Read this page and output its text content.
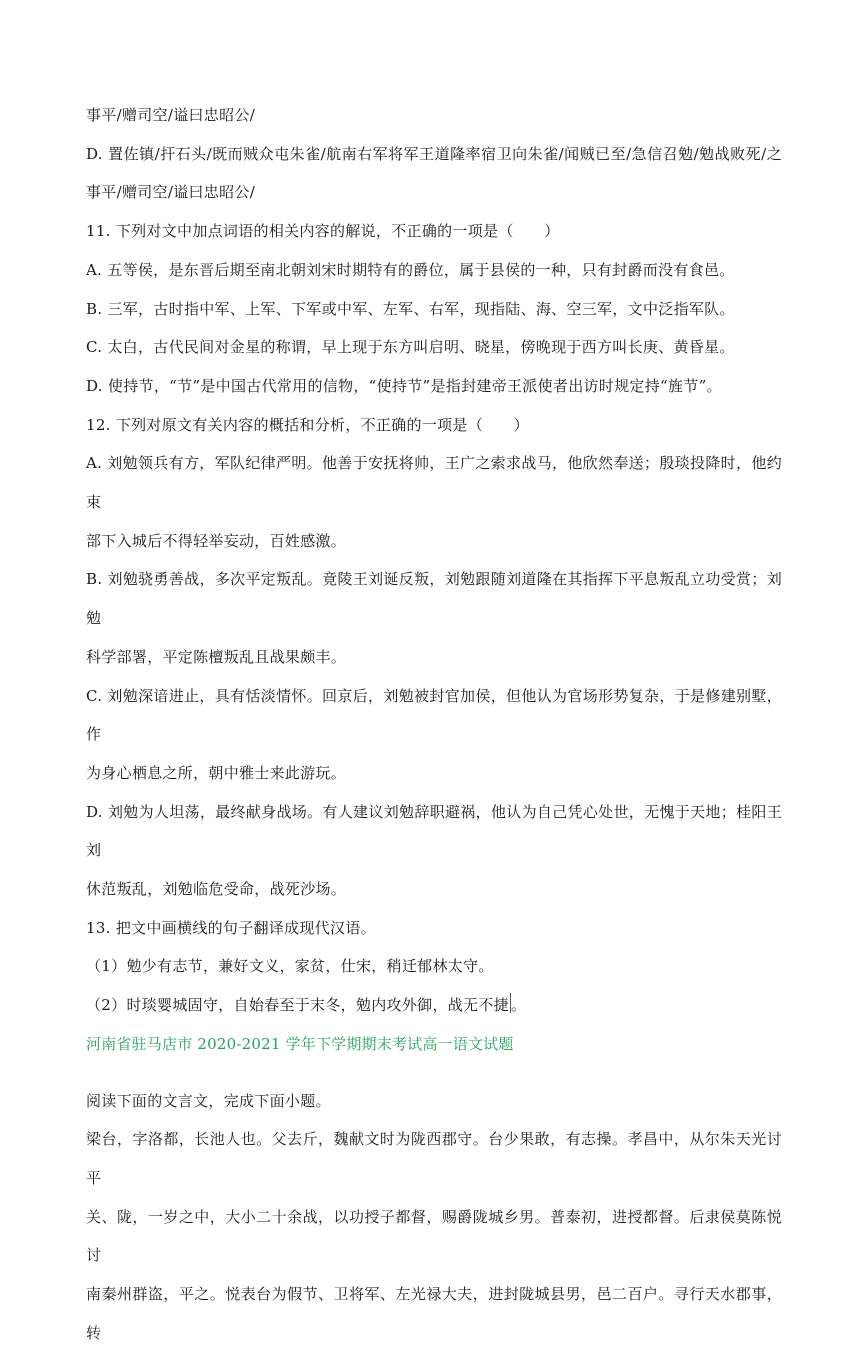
事平/赠司空/谥曰忠昭公/
D. 置佐镇/扞石头/既而贼众屯朱雀/航南右军将军王道隆率宿卫向朱雀/闻贼已至/急信召勉/勉战败死/之
事平/赠司空/谥曰忠昭公/
11. 下列对文中加点词语的相关内容的解说，不正确的一项是（　　）
A. 五等侯，是东晋后期至南北朝刘宋时期特有的爵位，属于县侯的一种，只有封爵而没有食邑。
B. 三军，古时指中军、上军、下军或中军、左军、右军，现指陆、海、空三军，文中泛指军队。
C. 太白，古代民间对金星的称谓，早上现于东方叫启明、晓星，傍晚现于西方叫长庚、黄昏星。
D. 使持节，“节”是中国古代常用的信物，“使持节”是指封建帝王派使者出访时规定持“旌节”。
12. 下列对原文有关内容的概括和分析，不正确的一项是（　　）
A. 刘勉领兵有方，军队纪律严明。他善于安抚将帅，王广之索求战马，他欣然奉送；殷琰投降时，他约束
部下入城后不得轻举妄动，百姓感激。
B. 刘勉骁勇善战，多次平定叛乱。竟陵王刘诞反叛，刘勉跟随刘道隆在其指挥下平息叛乱立功受赏；刘勉
科学部署，平定陈檀叛乱且战果颇丰。
C. 刘勉深谙进止，具有恬淡情怀。回京后，刘勉被封官加侯，但他认为官场形势复杂，于是修建别墅，作
为身心栖息之所，朝中雅士来此游玩。
D. 刘勉为人坦荡，最终献身战场。有人建议刘勉辞职避祸，他认为自己凭心处世，无愧于天地；桂阳王刘
休范叛乱，刘勉临危受命，战死沙场。
13. 把文中画横线的句子翻译成现代汉语。
（1）勉少有志节，兼好文义，家贫，仕宋，稍迁郁林太守。
（2）时琰婴城固守，自始春至于末冬，勉内攻外御，战无不捷 。
河南省驻马店市 2020-2021 学年下学期期末考试高一语文试题
阅读下面的文言文，完成下面小题。
梁台，字洛都，长池人也。父去斤，魏献文时为陇西郡守。台少果敢，有志操。孝昌中，从尔朱天光讨平
关、陇，一岁之中，大小二十余战，以功授子都督，赐爵陇城乡男。普泰初，进授都督。后隶侯莫陈悦讨
南秦州群盗，平之。悦表台为假节、卫将军、左光禄大夫，进封陇城县男，邑二百户。寻行天水郡事，转
